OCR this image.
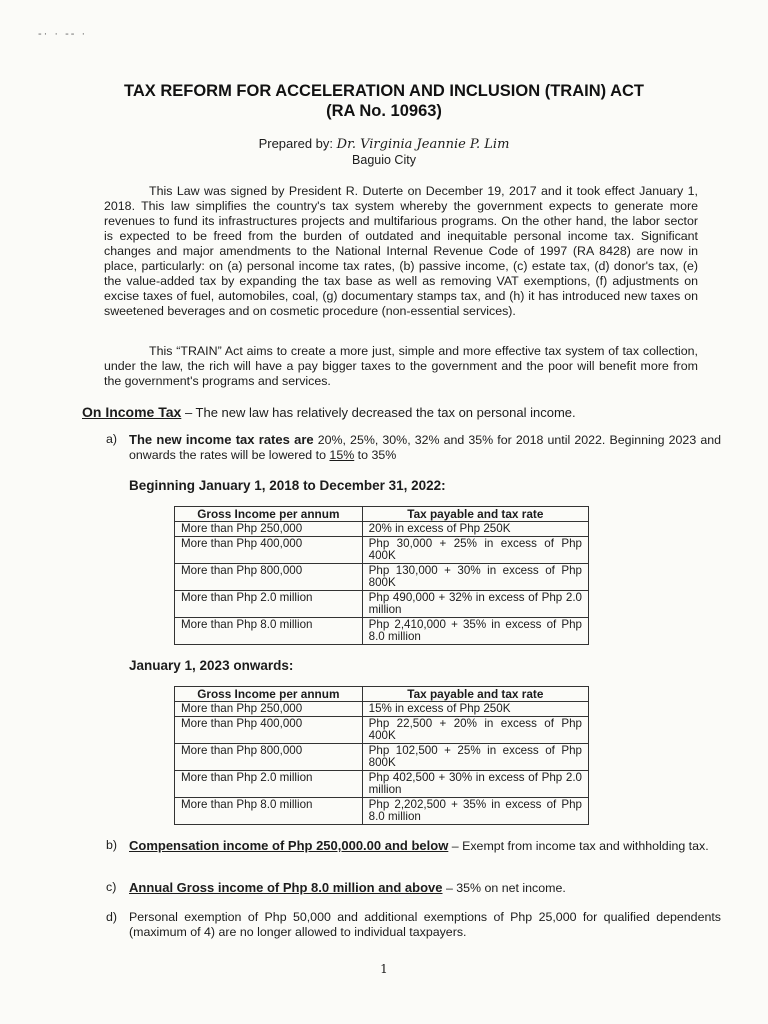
-· · -- ·
TAX REFORM FOR ACCELERATION AND INCLUSION (TRAIN) ACT
(RA No. 10963)
Prepared by: Dr. Virginia Jeannie P. Lim
Baguio City

This Law was signed by President R. Duterte on December 19, 2017 and it took effect January 1, 2018. This law simplifies the country's tax system whereby the government expects to generate more revenues to fund its infrastructures projects and multifarious programs. On the other hand, the labor sector is expected to be freed from the burden of outdated and inequitable personal income tax. Significant changes and major amendments to the National Internal Revenue Code of 1997 (RA 8428) are now in place, particularly: on (a) personal income tax rates, (b) passive income, (c) estate tax, (d) donor's tax, (e) the value-added tax by expanding the tax base as well as removing VAT exemptions, (f) adjustments on excise taxes of fuel, automobiles, coal, (g) documentary stamps tax, and (h) it has introduced new taxes on sweetened beverages and on cosmetic procedure (non-essential services).

This “TRAIN” Act aims to create a more just, simple and more effective tax system of tax collection, under the law, the rich will have a pay bigger taxes to the government and the poor will benefit more from the government's programs and services.

On Income Tax – The new law has relatively decreased the tax on personal income.
a) The new income tax rates are 20%, 25%, 30%, 32% and 35% for 2018 until 2022. Beginning 2023 and onwards the rates will be lowered to 15% to 35%
Beginning January 1, 2018 to December 31, 2022:
Gross Income per annum	Tax payable and tax rate
More than Php 250,000	20% in excess of Php 250K
More than Php 400,000	Php 30,000 + 25% in excess of Php 400K
More than Php 800,000	Php 130,000 + 30% in excess of Php 800K
More than Php 2.0 million	Php 490,000 + 32% in excess of Php 2.0 million
More than Php 8.0 million	Php 2,410,000 + 35% in excess of Php 8.0 million
January 1, 2023 onwards:
Gross Income per annum	Tax payable and tax rate
More than Php 250,000	15% in excess of Php 250K
More than Php 400,000	Php 22,500 + 20% in excess of Php 400K
More than Php 800,000	Php 102,500 + 25% in excess of Php 800K
More than Php 2.0 million	Php 402,500 + 30% in excess of Php 2.0 million
More than Php 8.0 million	Php 2,202,500 + 35% in excess of Php 8.0 million
b) Compensation income of Php 250,000.00 and below – Exempt from income tax and withholding tax.
c) Annual Gross income of Php 8.0 million and above – 35% on net income.
d) Personal exemption of Php 50,000 and additional exemptions of Php 25,000 for qualified dependents (maximum of 4) are no longer allowed to individual taxpayers.
1
